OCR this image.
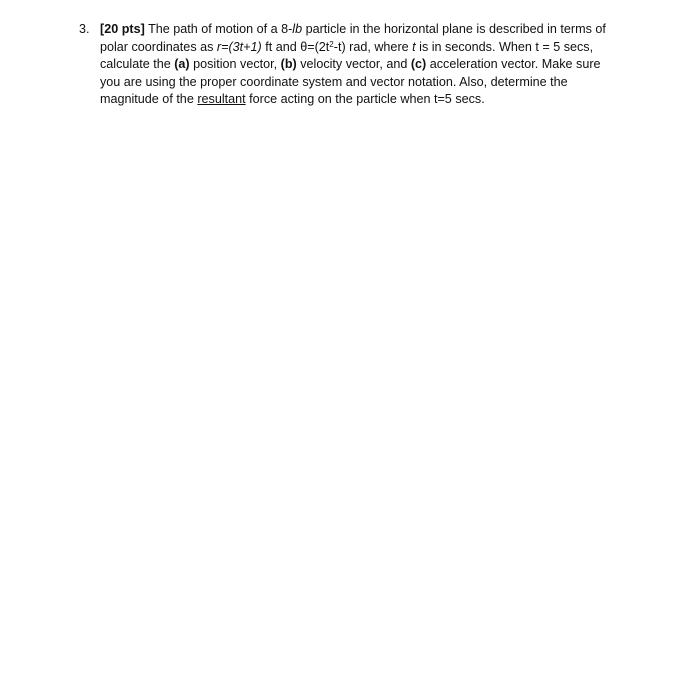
3. [20 pts] The path of motion of a 8-lb particle in the horizontal plane is described in terms of polar coordinates as r=(3t+1) ft and $\theta=(2t^2-t)$ rad, where t is in seconds. When t = 5 secs, calculate the (a) position vector, (b) velocity vector, and (c) acceleration vector. Make sure you are using the proper coordinate system and vector notation. Also, determine the magnitude of the resultant force acting on the particle when t=5 secs.
